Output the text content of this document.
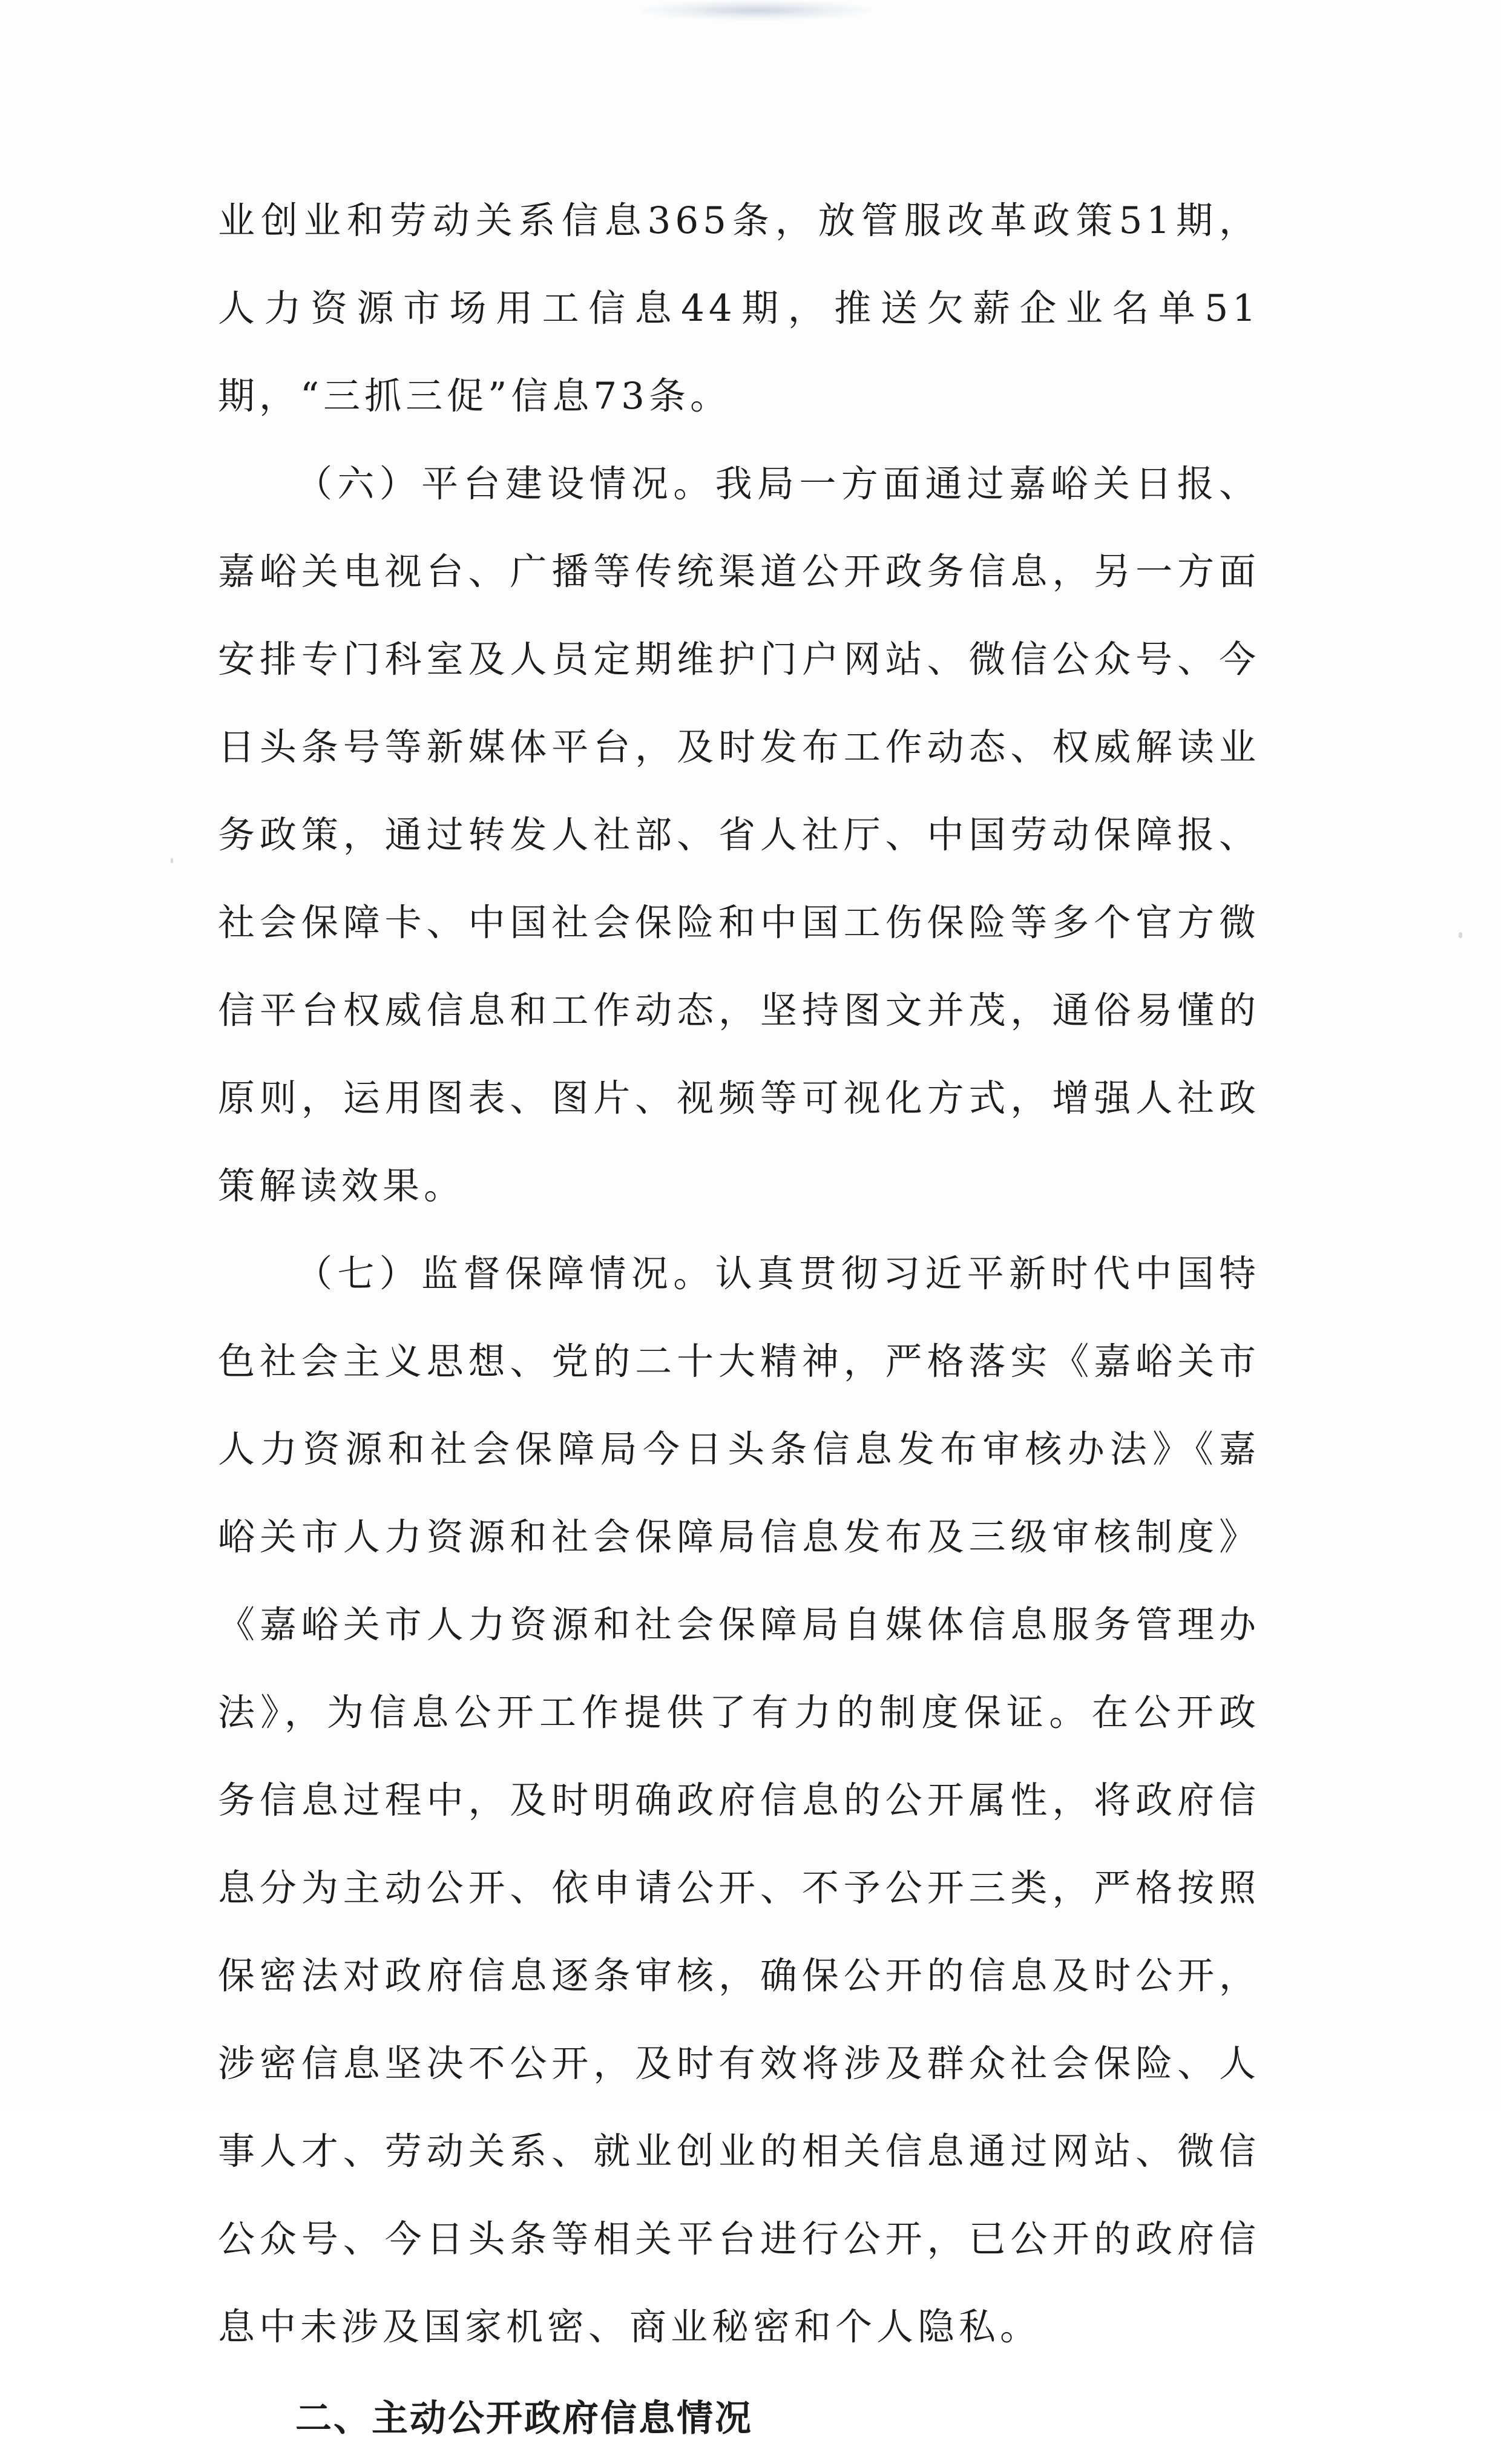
业创业和劳动关系信息365条，放管服改革政策51期，人力资源市场用工信息44期，推送欠薪企业名单51期，“三抓三促”信息73条。

（六）平台建设情况。我局一方面通过嘉峪关日报、嘉峪关电视台、广播等传统渠道公开政务信息，另一方面安排专门科室及人员定期维护门户网站、微信公众号、今日头条号等新媒体平台，及时发布工作动态、权威解读业务政策，通过转发人社部、省人社厅、中国劳动保障报、社会保障卡、中国社会保险和中国工伤保险等多个官方微信平台权威信息和工作动态，坚持图文并茂，通俗易懂的原则，运用图表、图片、视频等可视化方式，增强人社政策解读效果。

（七）监督保障情况。认真贯彻习近平新时代中国特色社会主义思想、党的二十大精神，严格落实《嘉峪关市人力资源和社会保障局今日头条信息发布审核办法》《嘉峪关市人力资源和社会保障局信息发布及三级审核制度》《嘉峪关市人力资源和社会保障局自媒体信息服务管理办法》，为信息公开工作提供了有力的制度保证。在公开政务信息过程中，及时明确政府信息的公开属性，将政府信息分为主动公开、依申请公开、不予公开三类，严格按照保密法对政府信息逐条审核，确保公开的信息及时公开，涉密信息坚决不公开，及时有效将涉及群众社会保险、人事人才、劳动关系、就业创业的相关信息通过网站、微信公众号、今日头条等相关平台进行公开，已公开的政府信息中未涉及国家机密、商业秘密和个人隐私。

二、主动公开政府信息情况
